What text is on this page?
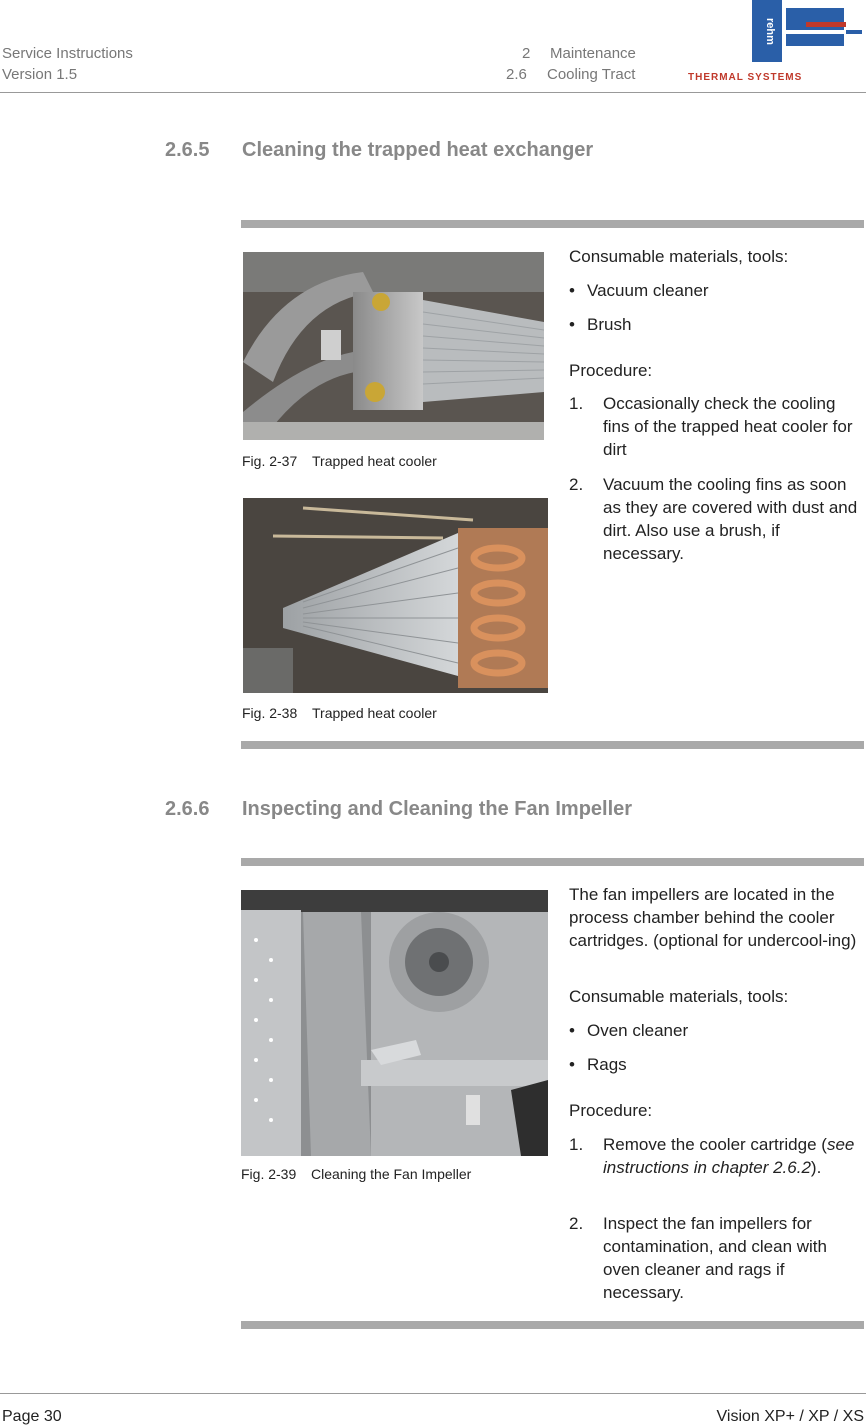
Service Instructions
Version 1.5
2 Maintenance
2.6 Cooling Tract
rehm
THERMAL SYSTEMS
2.6.5 Cleaning the trapped heat exchanger
Fig. 2-37 Trapped heat cooler
Fig. 2-38 Trapped heat cooler
Consumable materials, tools:
• Vacuum cleaner
• Brush
Procedure:
1. Occasionally check the cooling fins of the trapped heat cooler for dirt
2. Vacuum the cooling fins as soon as they are covered with dust and dirt. Also use a brush, if necessary.
2.6.6 Inspecting and Cleaning the Fan Impeller
Fig. 2-39 Cleaning the Fan Impeller
The fan impellers are located in the process chamber behind the cooler cartridges. (optional for undercool-ing)
Consumable materials, tools:
• Oven cleaner
• Rags
Procedure:
1. Remove the cooler cartridge (see instructions in chapter 2.6.2).
2. Inspect the fan impellers for contamination, and clean with oven cleaner and rags if necessary.
Page 30	Vision XP+ / XP / XS
